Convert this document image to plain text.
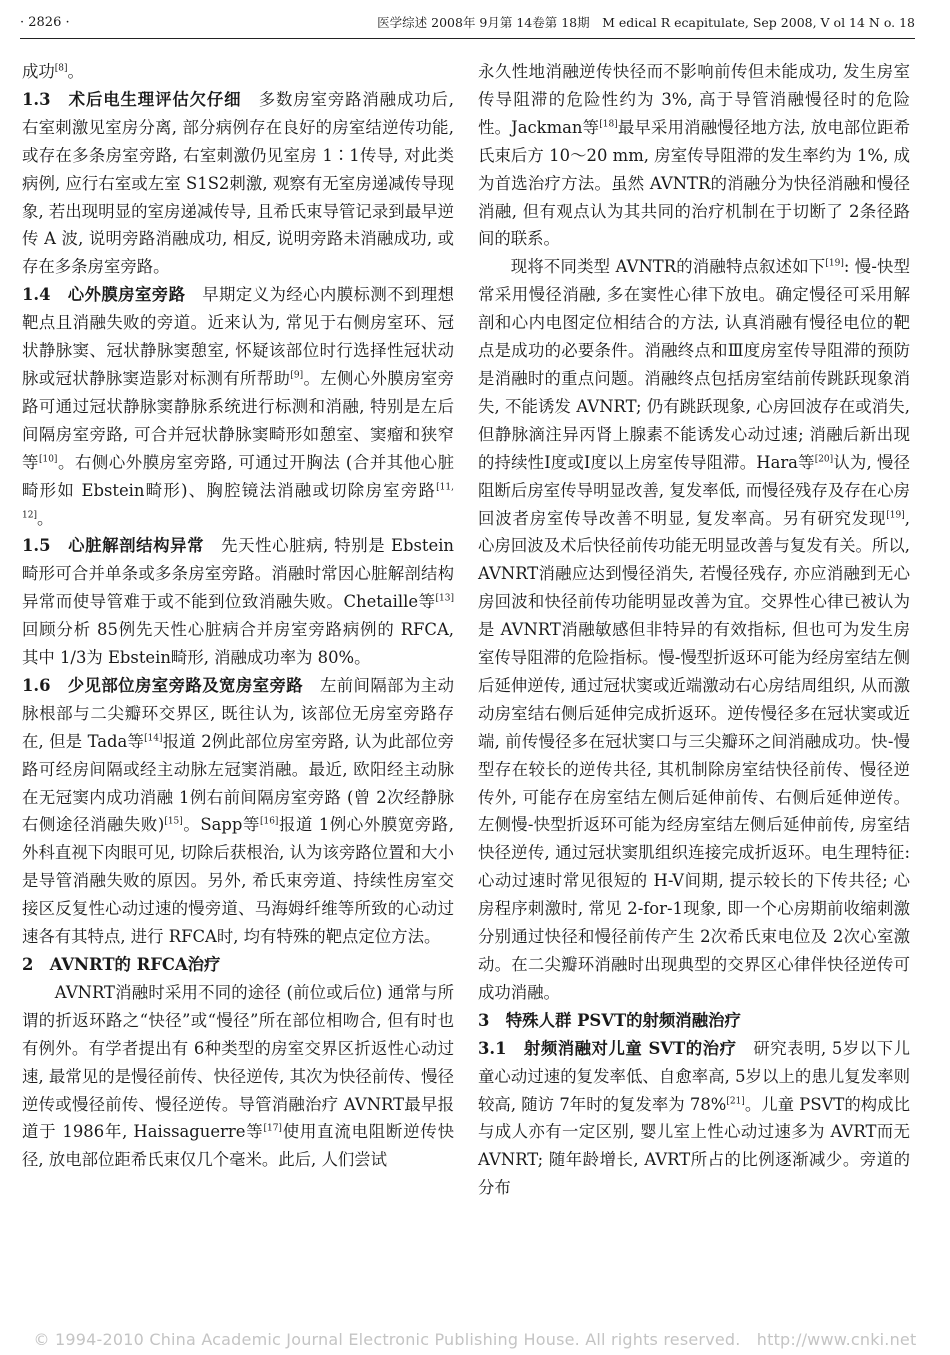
· 2826 ·	医学综述 2008年 9月第 14卷第 18期　M edical R ecapitulate, Sep 2008, V ol 14 N o. 18

成功[8]。

1.3　术后电生理评估欠仔细　多数房室旁路消融成功后, 右室刺激见室房分离, 部分病例存在良好的房室结逆传功能, 或存在多条房室旁路, 右室刺激仍见室房 1∶1传导, 对此类病例, 应行右室或左室 S1S2刺激, 观察有无室房递减传导现象, 若出现明显的室房递减传导, 且希氏束导管记录到最早逆传 A 波, 说明旁路消融成功, 相反, 说明旁路未消融成功, 或存在多条房室旁路。

1.4　心外膜房室旁路　早期定义为经心内膜标测不到理想靶点且消融失败的旁道。近来认为, 常见于右侧房室环、冠状静脉窦、冠状静脉窦憩室, 怀疑该部位时行选择性冠状动脉或冠状静脉窦造影对标测有所帮助[9]。左侧心外膜房室旁路可通过冠状静脉窦静脉系统进行标测和消融, 特别是左后间隔房室旁路, 可合并冠状静脉窦畸形如憩室、窦瘤和狭窄等[10]。右侧心外膜房室旁路, 可通过开胸法 (合并其他心脏畸形如 Ebstein畸形)、胸腔镜法消融或切除房室旁路[11, 12]。

1.5　心脏解剖结构异常　先天性心脏病, 特别是 Ebstein畸形可合并单条或多条房室旁路。消融时常因心脏解剖结构异常而使导管难于或不能到位致消融失败。Chetaille等[13]回顾分析 85例先天性心脏病合并房室旁路病例的 RFCA, 其中 1/3为 Ebstein畸形, 消融成功率为 80%。

1.6　少见部位房室旁路及宽房室旁路　左前间隔部为主动脉根部与二尖瓣环交界区, 既往认为, 该部位无房室旁路存在, 但是 Tada等[14]报道 2例此部位房室旁路, 认为此部位旁路可经房间隔或经主动脉左冠窦消融。最近, 欧阳经主动脉在无冠窦内成功消融 1例右前间隔房室旁路 (曾 2次经静脉右侧途径消融失败)[15]。Sapp等[16]报道 1例心外膜宽旁路, 外科直视下肉眼可见, 切除后获根治, 认为该旁路位置和大小是导管消融失败的原因。另外, 希氏束旁道、持续性房室交接区反复性心动过速的慢旁道、马海姆纤维等所致的心动过速各有其特点, 进行 RFCA时, 均有特殊的靶点定位方法。

2　AVNRT的 RFCA治疗

AVNRT消融时采用不同的途径 (前位或后位) 通常与所谓的折返环路之“快径”或“慢径”所在部位相吻合, 但有时也有例外。有学者提出有 6种类型的房室交界区折返性心动过速, 最常见的是慢径前传、快径逆传, 其次为快径前传、慢径逆传或慢径前传、慢径逆传。导管消融治疗 AVNRT最早报道于 1986年, Haissaguerre等[17]使用直流电阻断逆传快径, 放电部位距希氏束仅几个毫米。此后, 人们尝试

永久性地消融逆传快径而不影响前传但未能成功, 发生房室传导阻滞的危险性约为 3%, 高于导管消融慢径时的危险性。Jackman等[18]最早采用消融慢径地方法, 放电部位距希氏束后方 10～20 mm, 房室传导阻滞的发生率约为 1%, 成为首选治疗方法。虽然 AVNTR的消融分为快径消融和慢径消融, 但有观点认为其共同的治疗机制在于切断了 2条径路间的联系。

现将不同类型 AVNTR的消融特点叙述如下[19]: 慢-快型常采用慢径消融, 多在窦性心律下放电。确定慢径可采用解剖和心内电图定位相结合的方法, 认真消融有慢径电位的靶点是成功的必要条件。消融终点和Ⅲ度房室传导阻滞的预防是消融时的重点问题。消融终点包括房室结前传跳跃现象消失, 不能诱发 AVNRT; 仍有跳跃现象, 心房回波存在或消失, 但静脉滴注异丙肾上腺素不能诱发心动过速; 消融后新出现的持续性Ⅰ度或Ⅰ度以上房室传导阻滞。Hara等[20]认为, 慢径阻断后房室传导明显改善, 复发率低, 而慢径残存及存在心房回波者房室传导改善不明显, 复发率高。另有研究发现[19], 心房回波及术后快径前传功能无明显改善与复发有关。所以, AVNRT消融应达到慢径消失, 若慢径残存, 亦应消融到无心房回波和快径前传功能明显改善为宜。交界性心律已被认为是 AVNRT消融敏感但非特异的有效指标, 但也可为发生房室传导阻滞的危险指标。慢-慢型折返环可能为经房室结左侧后延伸逆传, 通过冠状窦或近端激动右心房结周组织, 从而激动房室结右侧后延伸完成折返环。逆传慢径多在冠状窦或近端, 前传慢径多在冠状窦口与三尖瓣环之间消融成功。快-慢型存在较长的逆传共径, 其机制除房室结快径前传、慢径逆传外, 可能存在房室结左侧后延伸前传、右侧后延伸逆传。左侧慢-快型折返环可能为经房室结左侧后延伸前传, 房室结快径逆传, 通过冠状窦肌组织连接完成折返环。电生理特征: 心动过速时常见很短的 H-V间期, 提示较长的下传共径; 心房程序刺激时, 常见 2-for-1现象, 即一个心房期前收缩刺激分别通过快径和慢径前传产生 2次希氏束电位及 2次心室激动。在二尖瓣环消融时出现典型的交界区心律伴快径逆传可成功消融。

3　特殊人群 PSVT的射频消融治疗

3.1　射频消融对儿童 SVT的治疗　研究表明, 5岁以下儿童心动过速的复发率低、自愈率高, 5岁以上的患儿复发率则较高, 随访 7年时的复发率为 78%[21]。儿童 PSVT的构成比与成人亦有一定区别, 婴儿室上性心动过速多为 AVRT而无 AVNRT; 随年龄增长, AVRT所占的比例逐渐减少。旁道的分布

© 1994-2010 China Academic Journal Electronic Publishing House. All rights reserved.　http://www.cnki.net
